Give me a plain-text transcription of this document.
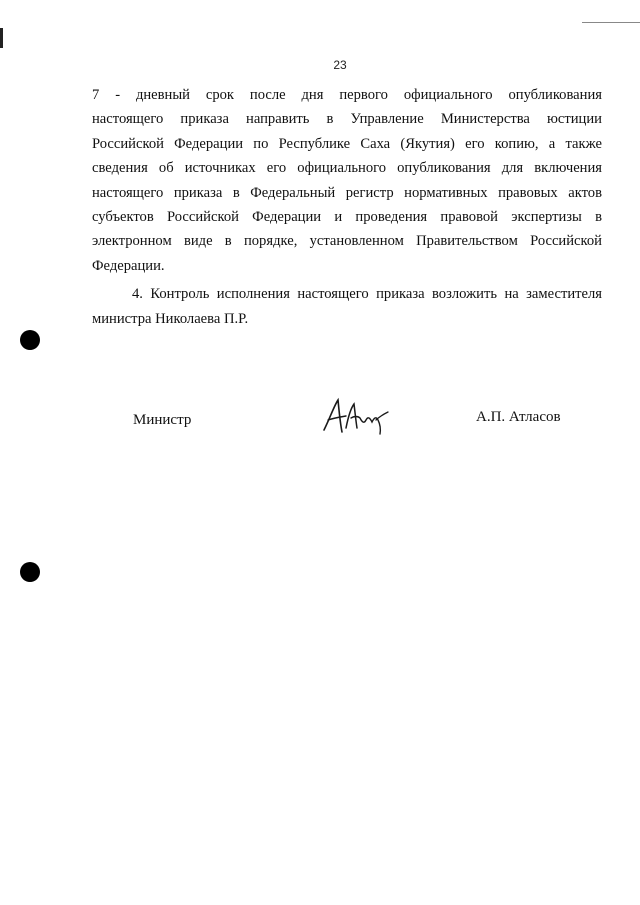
23
7 - дневный срок после дня первого официального опубликования
настоящего приказа направить в Управление Министерства юстиции
Российской Федерации по Республике Саха (Якутия) его копию, а также
сведения об источниках его официального опубликования для включения
настоящего приказа в Федеральный регистр нормативных правовых актов
субъектов Российской Федерации и проведения правовой экспертизы в
электронном виде в порядке, установленном Правительством Российской
Федерации.
4. Контроль исполнения настоящего приказа возложить на заместителя
министра Николаева П.Р.
Министр	А.П. Атласов
